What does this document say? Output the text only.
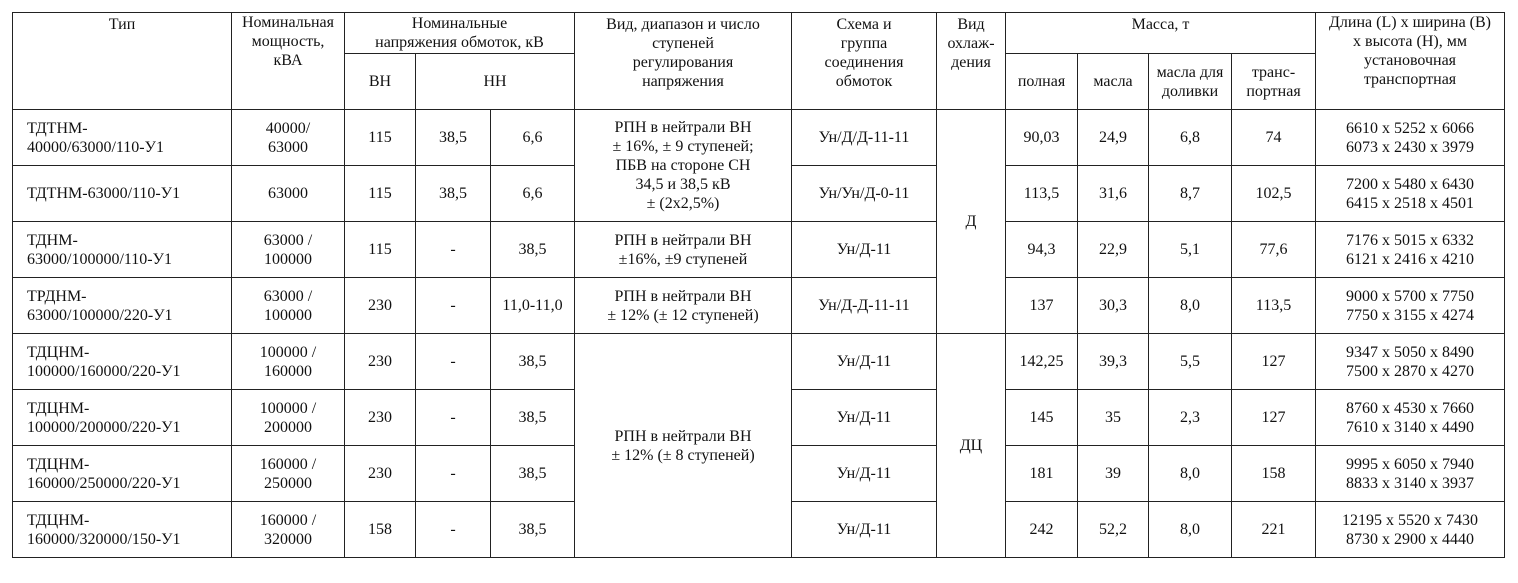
Тип	Номинальная
мощность,
кВА	Номинальные
напряжения обмоток, кВ			Вид, диапазон и число
ступеней
регулирования
напряжения	Схема и
группа
соединения
обмоток	Вид
охлаж-
дения	Масса, т				Длина (L) х ширина (B)
х высота (H), мм
установочная
транспортная

		ВН	НН					полная	масла	масла для
доливки	транс-
портная	

ТДТНМ-
40000/63000/110-У1	40000/
63000	115	38,5	6,6	РПН в нейтрали ВН
± 16%, ± 9 ступеней;
ПБВ на стороне СН
34,5 и 38,5 кВ
± (2х2,5%)	Ун/Д/Д-11-11	Д	90,03	24,9	6,8	74	6610 х 5252 х 6066
6073 х 2430 х 3979

ТДТНМ-63000/110-У1	63000	115	38,5	6,6		Ун/Ун/Д-0-11		113,5	31,6	8,7	102,5	7200 х 5480 х 6430
6415 х 2518 х 4501

ТДНМ-
63000/100000/110-У1	63000 /
100000	115	-	38,5	РПН в нейтрали ВН
±16%, ±9 ступеней	Ун/Д-11		94,3	22,9	5,1	77,6	7176 х 5015 х 6332
6121 х 2416 х 4210

ТРДНМ-
63000/100000/220-У1	63000 /
100000	230	-	11,0-11,0	РПН в нейтрали ВН
± 12% (± 12 ступеней)	Ун/Д-Д-11-11		137	30,3	8,0	113,5	9000 х 5700 х 7750
7750 х 3155 х 4274

ТДЦНМ-
100000/160000/220-У1	100000 /
160000	230	-	38,5	РПН в нейтрали ВН
± 12% (± 8 ступеней)	Ун/Д-11	ДЦ	142,25	39,3	5,5	127	9347 х 5050 х 8490
7500 х 2870 х 4270

ТДЦНМ-
100000/200000/220-У1	100000 /
200000	230	-	38,5		Ун/Д-11		145	35	2,3	127	8760 х 4530 х 7660
7610 х 3140 х 4490

ТДЦНМ-
160000/250000/220-У1	160000 /
250000	230	-	38,5		Ун/Д-11		181	39	8,0	158	9995 х 6050 х 7940
8833 х 3140 х 3937

ТДЦНМ-
160000/320000/150-У1	160000 /
320000	158	-	38,5		Ун/Д-11		242	52,2	8,0	221	12195 х 5520 х 7430
8730 х 2900 х 4440
